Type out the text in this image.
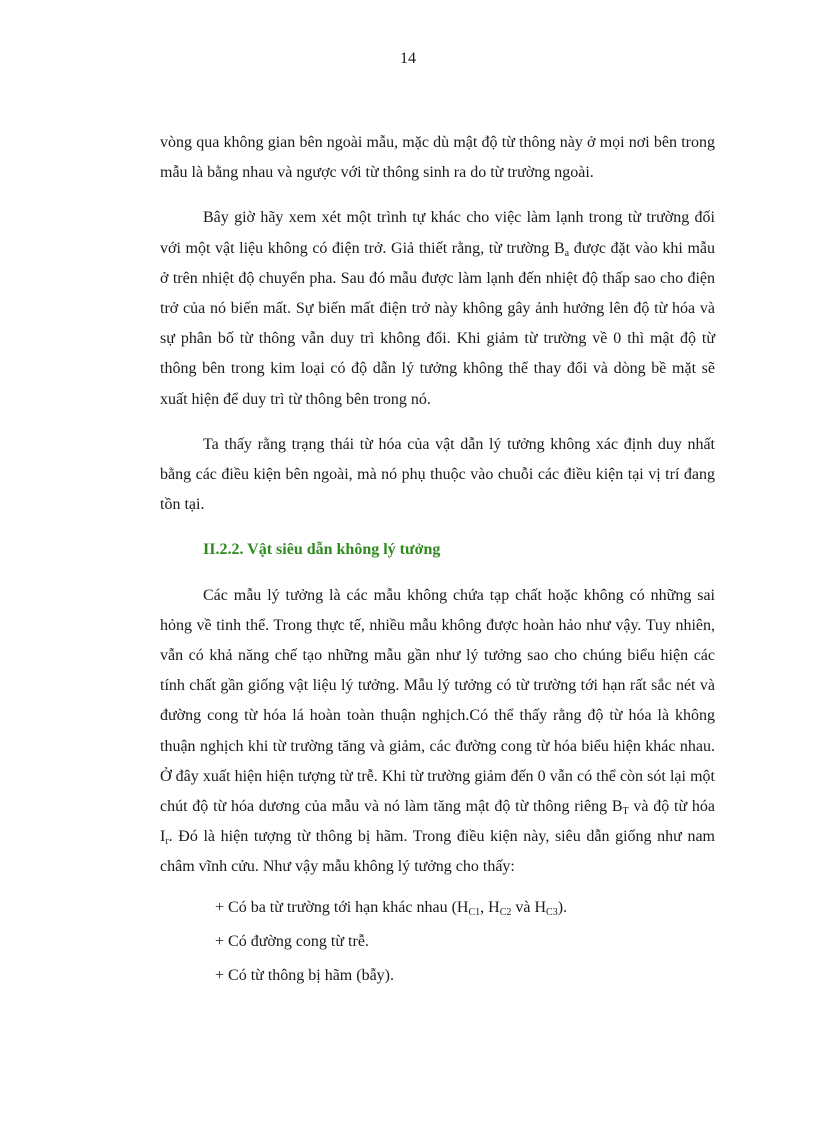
14

vòng qua không gian bên ngoài mẫu, mặc dù mật độ từ thông này ở mọi nơi bên trong mẫu là bằng nhau và ngược với từ thông sinh ra do từ trường ngoài.

Bây giờ hãy xem xét một trình tự khác cho việc làm lạnh trong từ trường đối với một vật liệu không có điện trở. Giả thiết rằng, từ trường $B_a$ được đặt vào khi mẫu ở trên nhiệt độ chuyển pha. Sau đó mẫu được làm lạnh đến nhiệt độ thấp sao cho điện trở của nó biến mất. Sự biến mất điện trở này không gây ảnh hưởng lên độ từ hóa và sự phân bố từ thông vẫn duy trì không đổi. Khi giảm từ trường về 0 thì mật độ từ thông bên trong kim loại có độ dẫn lý tưởng không thể thay đổi và dòng bề mặt sẽ xuất hiện để duy trì từ thông bên trong nó.

Ta thấy rằng trạng thái từ hóa của vật dẫn lý tưởng không xác định duy nhất bằng các điều kiện bên ngoài, mà nó phụ thuộc vào chuỗi các điều kiện tại vị trí đang tồn tại.

II.2.2. Vật siêu dẫn không lý tưởng

Các mẫu lý tưởng là các mẫu không chứa tạp chất hoặc không có những sai hỏng về tinh thể. Trong thực tế, nhiều mẫu không được hoàn hảo như vậy. Tuy nhiên, vẫn có khả năng chế tạo những mẫu gần như lý tưởng sao cho chúng biểu hiện các tính chất gần giống vật liệu lý tưởng. Mẫu lý tưởng có từ trường tới hạn rất sắc nét và đường cong từ hóa lá hoàn toàn thuận nghịch.Có thể thấy rằng độ từ hóa là không thuận nghịch khi từ trường tăng và giảm, các đường cong từ hóa biểu hiện khác nhau. Ở đây xuất hiện hiện tượng từ trễ. Khi từ trường giảm đến 0 vẫn có thể còn sót lại một chút độ từ hóa dương của mẫu và nó làm tăng mật độ từ thông riêng $B_T$ và độ từ hóa $I_r$. Đó là hiện tượng từ thông bị hãm. Trong điều kiện này, siêu dẫn giống như nam châm vĩnh cửu. Như vậy mẫu không lý tưởng cho thấy:

+ Có ba từ trường tới hạn khác nhau ($H_{C1}$, $H_{C2}$ và $H_{C3}$).
+ Có đường cong từ trễ.
+ Có từ thông bị hãm (bẫy).
